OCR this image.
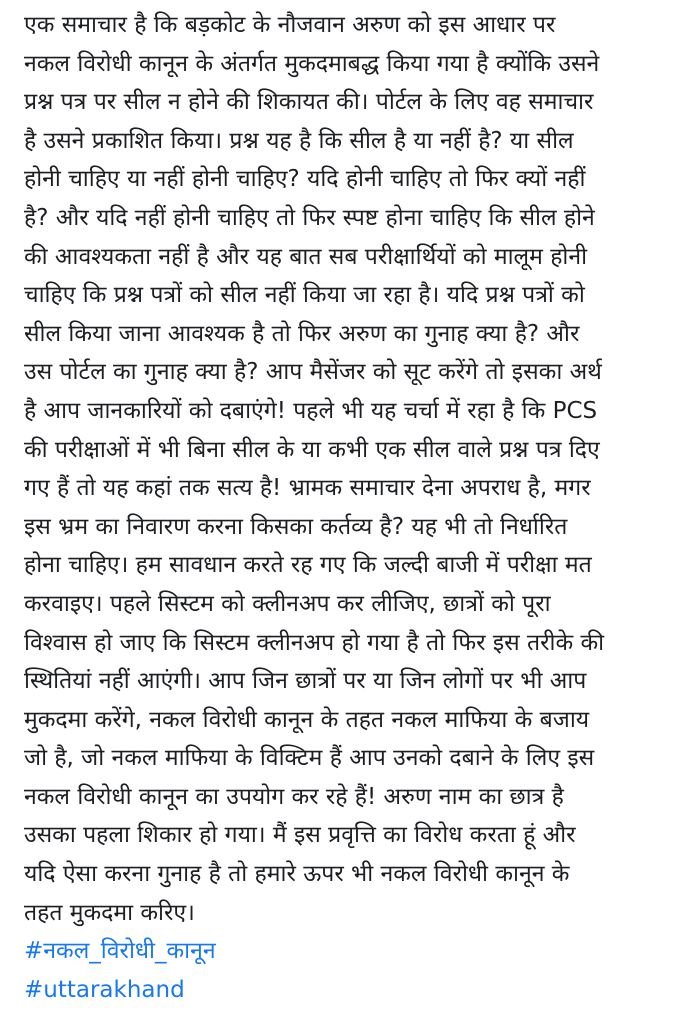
एक समाचार है कि बड़कोट के नौजवान अरुण को इस आधार पर
नकल विरोधी कानून के अंतर्गत मुकदमाबद्ध किया गया है क्योंकि उसने
प्रश्न पत्र पर सील न होने की शिकायत की। पोर्टल के लिए वह समाचार
है उसने प्रकाशित किया। प्रश्न यह है कि सील है या नहीं है? या सील
होनी चाहिए या नहीं होनी चाहिए? यदि होनी चाहिए तो फिर क्यों नहीं
है? और यदि नहीं होनी चाहिए तो फिर स्पष्ट होना चाहिए कि सील होने
की आवश्यकता नहीं है और यह बात सब परीक्षार्थियों को मालूम होनी
चाहिए कि प्रश्न पत्रों को सील नहीं किया जा रहा है। यदि प्रश्न पत्रों को
सील किया जाना आवश्यक है तो फिर अरुण का गुनाह क्या है? और
उस पोर्टल का गुनाह क्या है? आप मैसेंजर को सूट करेंगे तो इसका अर्थ
है आप जानकारियों को दबाएंगे! पहले भी यह चर्चा में रहा है कि PCS
की परीक्षाओं में भी बिना सील के या कभी एक सील वाले प्रश्न पत्र दिए
गए हैं तो यह कहां तक सत्य है! भ्रामक समाचार देना अपराध है, मगर
इस भ्रम का निवारण करना किसका कर्तव्य है? यह भी तो निर्धारित
होना चाहिए। हम सावधान करते रह गए कि जल्दी बाजी में परीक्षा मत
करवाइए। पहले सिस्टम को क्लीनअप कर लीजिए, छात्रों को पूरा
विश्वास हो जाए कि सिस्टम क्लीनअप हो गया है तो फिर इस तरीके की
स्थितियां नहीं आएंगी। आप जिन छात्रों पर या जिन लोगों पर भी आप
मुकदमा करेंगे, नकल विरोधी कानून के तहत नकल माफिया के बजाय
जो है, जो नकल माफिया के विक्टिम हैं आप उनको दबाने के लिए इस
नकल विरोधी कानून का उपयोग कर रहे हैं! अरुण नाम का छात्र है
उसका पहला शिकार हो गया। मैं इस प्रवृत्ति का विरोध करता हूं और
यदि ऐसा करना गुनाह है तो हमारे ऊपर भी नकल विरोधी कानून के
तहत मुकदमा करिए।
#नकल_विरोधी_कानून
#uttarakhand
